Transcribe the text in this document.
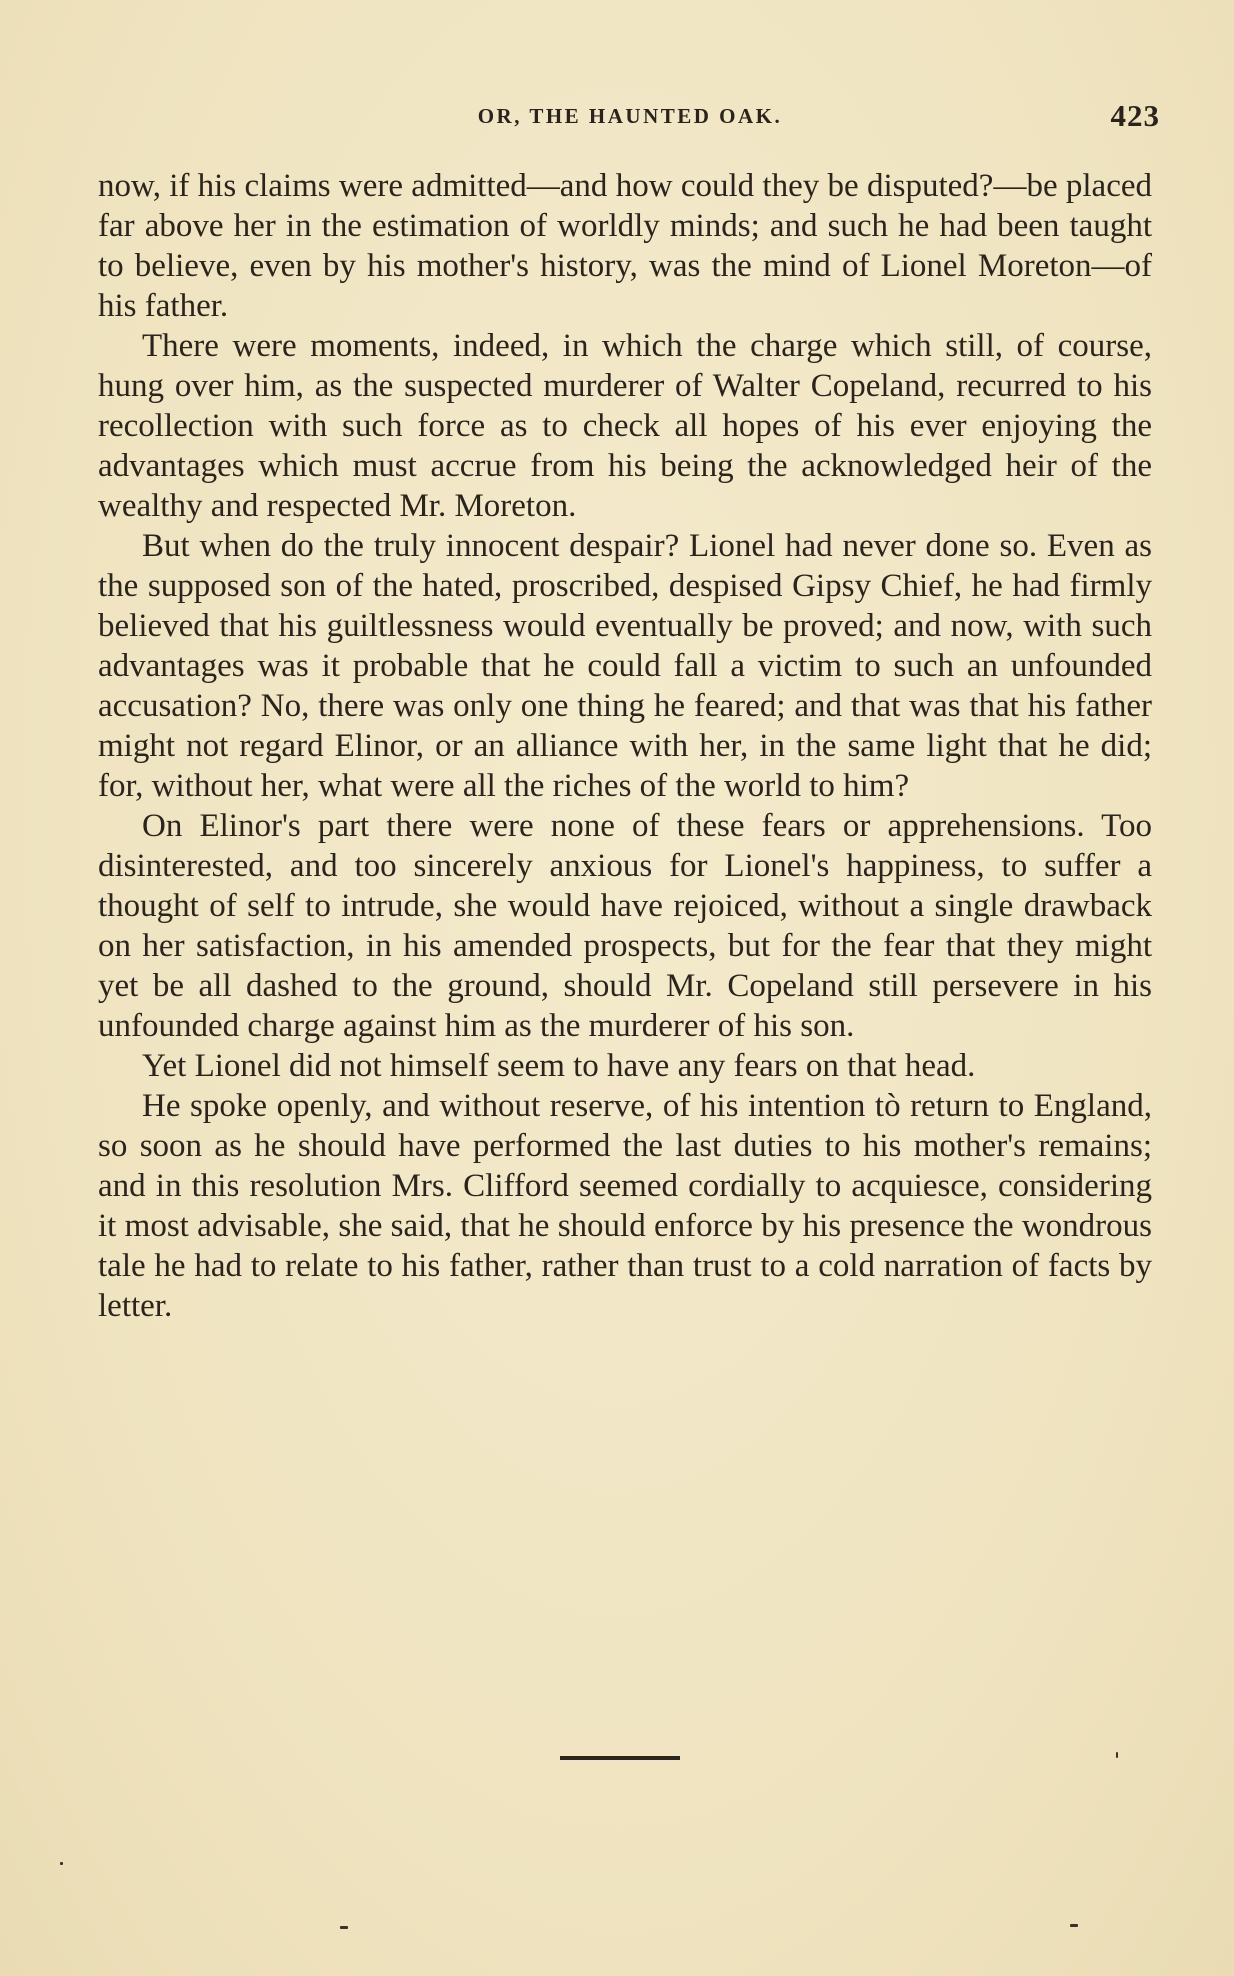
OR, THE HAUNTED OAK.	423

now, if his claims were admitted—and how could they be disputed?—be placed far above her in the estimation of worldly minds; and such he had been taught to believe, even by his mother's history, was the mind of Lionel Moreton—of his father.

There were moments, indeed, in which the charge which still, of course, hung over him, as the suspected murderer of Walter Copeland, recurred to his recollection with such force as to check all hopes of his ever enjoying the advantages which must accrue from his being the acknowledged heir of the wealthy and respected Mr. Moreton.

But when do the truly innocent despair? Lionel had never done so. Even as the supposed son of the hated, proscribed, despised Gipsy Chief, he had firmly believed that his guiltlessness would eventually be proved; and now, with such advantages was it probable that he could fall a victim to such an unfounded accusation? No, there was only one thing he feared; and that was that his father might not regard Elinor, or an alliance with her, in the same light that he did; for, without her, what were all the riches of the world to him?

On Elinor's part there were none of these fears or apprehensions. Too disinterested, and too sincerely anxious for Lionel's happiness, to suffer a thought of self to intrude, she would have rejoiced, without a single drawback on her satisfaction, in his amended prospects, but for the fear that they might yet be all dashed to the ground, should Mr. Copeland still persevere in his unfounded charge against him as the murderer of his son.

Yet Lionel did not himself seem to have any fears on that head.

He spoke openly, and without reserve, of his intention tò return to England, so soon as he should have performed the last duties to his mother's remains; and in this resolution Mrs. Clifford seemed cordially to acquiesce, considering it most advisable, she said, that he should enforce by his presence the wondrous tale he had to relate to his father, rather than trust to a cold narration of facts by letter.
